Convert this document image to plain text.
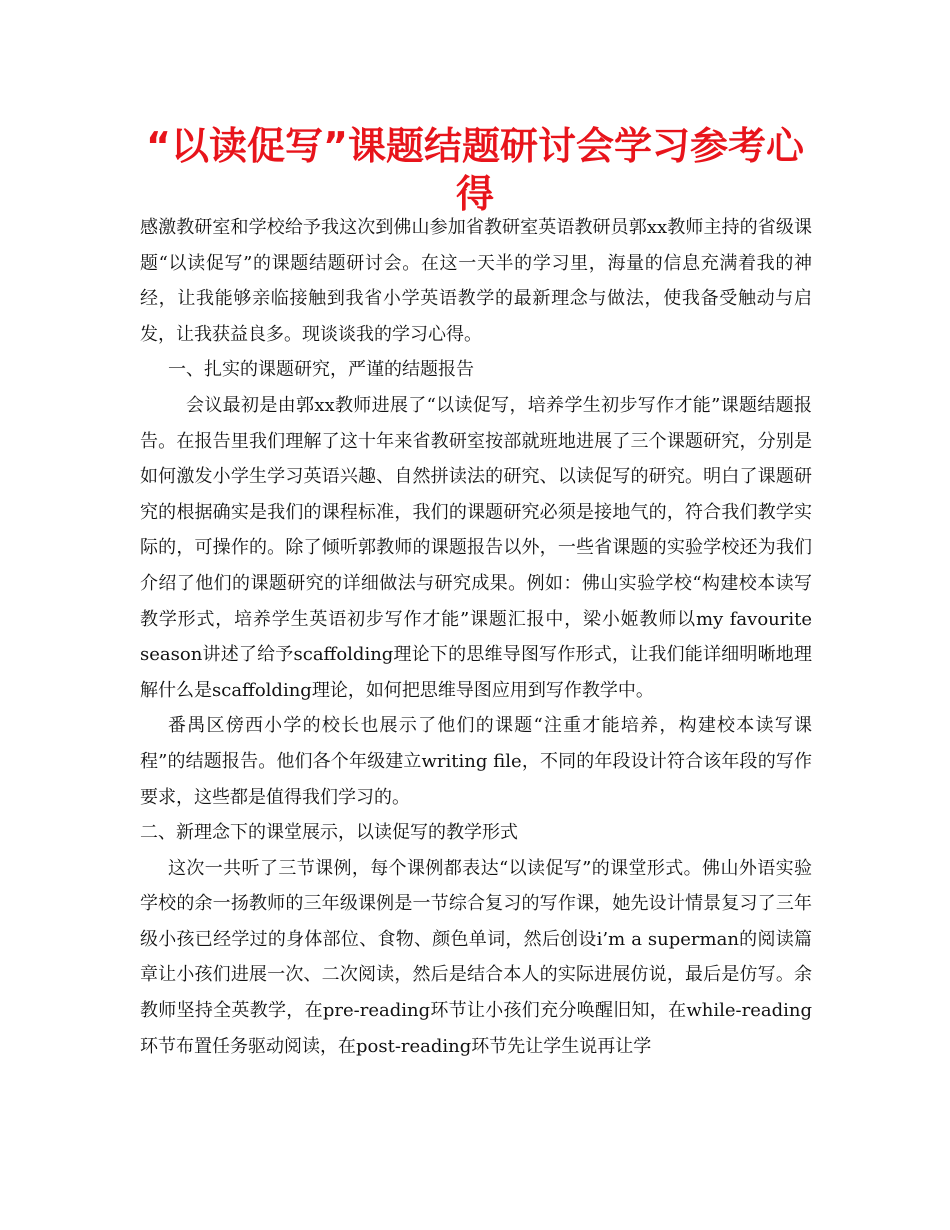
“以读促写”课题结题研讨会学习参考心得

感激教研室和学校给予我这次到佛山参加省教研室英语教研员郭xx教师主持的省级课题“以读促写”的课题结题研讨会。在这一天半的学习里，海量的信息充满着我的神经，让我能够亲临接触到我省小学英语教学的最新理念与做法，使我备受触动与启发，让我获益良多。现谈谈我的学习心得。

一、扎实的课题研究，严谨的结题报告

会议最初是由郭xx教师进展了“以读促写，培养学生初步写作才能”课题结题报告。在报告里我们理解了这十年来省教研室按部就班地进展了三个课题研究，分别是如何激发小学生学习英语兴趣、自然拼读法的研究、以读促写的研究。明白了课题研究的根据确实是我们的课程标准，我们的课题研究必须是接地气的，符合我们教学实际的，可操作的。除了倾听郭教师的课题报告以外，一些省课题的实验学校还为我们介绍了他们的课题研究的详细做法与研究成果。例如：佛山实验学校“构建校本读写教学形式，培养学生英语初步写作才能”课题汇报中，梁小姬教师以my favourite season讲述了给予scaffolding理论下的思维导图写作形式，让我们能详细明晰地理解什么是scaffolding理论，如何把思维导图应用到写作教学中。

番禺区傍西小学的校长也展示了他们的课题“注重才能培养，构建校本读写课程”的结题报告。他们各个年级建立writing file，不同的年段设计符合该年段的写作要求，这些都是值得我们学习的。

二、新理念下的课堂展示，以读促写的教学形式

这次一共听了三节课例，每个课例都表达“以读促写”的课堂形式。佛山外语实验学校的余一扬教师的三年级课例是一节综合复习的写作课，她先设计情景复习了三年级小孩已经学过的身体部位、食物、颜色单词，然后创设i’m a superman的阅读篇章让小孩们进展一次、二次阅读，然后是结合本人的实际进展仿说，最后是仿写。余教师坚持全英教学，在pre-reading环节让小孩们充分唤醒旧知，在while-reading 环节布置任务驱动阅读，在post-reading环节先让学生说再让学
